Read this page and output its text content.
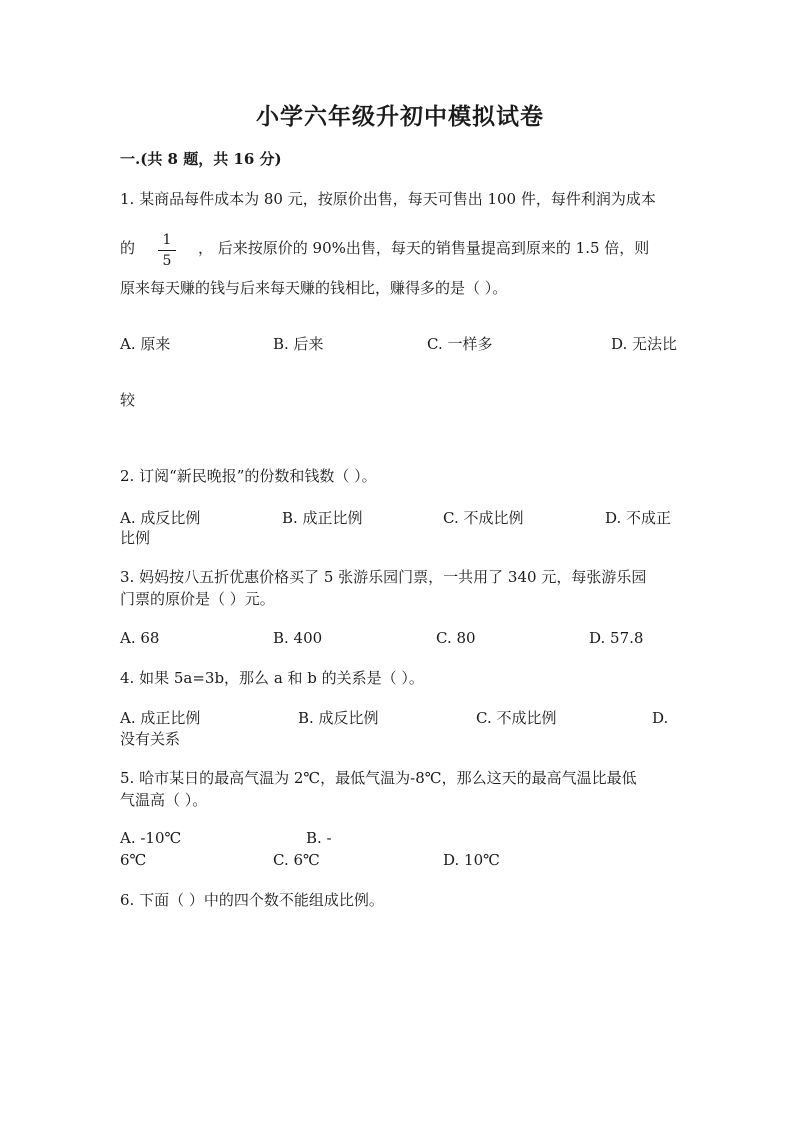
小学六年级升初中模拟试卷
一.(共 8 题，共 16 分)
1. 某商品每件成本为 80 元，按原价出售，每天可售出 100 件，每件利润为成本
的	1
5
， 后来按原价的 90%出售，每天的销售量提高到原来的 1.5 倍，则
原来每天赚的钱与后来每天赚的钱相比，赚得多的是（ ）。
A. 原来	B. 后来	C. 一样多	D. 无法比
较
2. 订阅“新民晚报”的份数和钱数（ ）。
A. 成反比例	B. 成正比例	C. 不成比例	D. 不成正
比例
3. 妈妈按八五折优惠价格买了 5 张游乐园门票，一共用了 340 元，每张游乐园
门票的原价是（ ）元。
A. 68	B. 400	C. 80	D. 57.8
4. 如果 5a=3b，那么 a 和 b 的关系是（ ）。
A. 成正比例	B. 成反比例	C. 不成比例	D.
没有关系
5. 哈市某日的最高气温为 2℃，最低气温为-8℃，那么这天的最高气温比最低
气温高（ ）。
A. -10℃	B. -
6℃	C. 6℃	D. 10℃
6. 下面（ ）中的四个数不能组成比例。
